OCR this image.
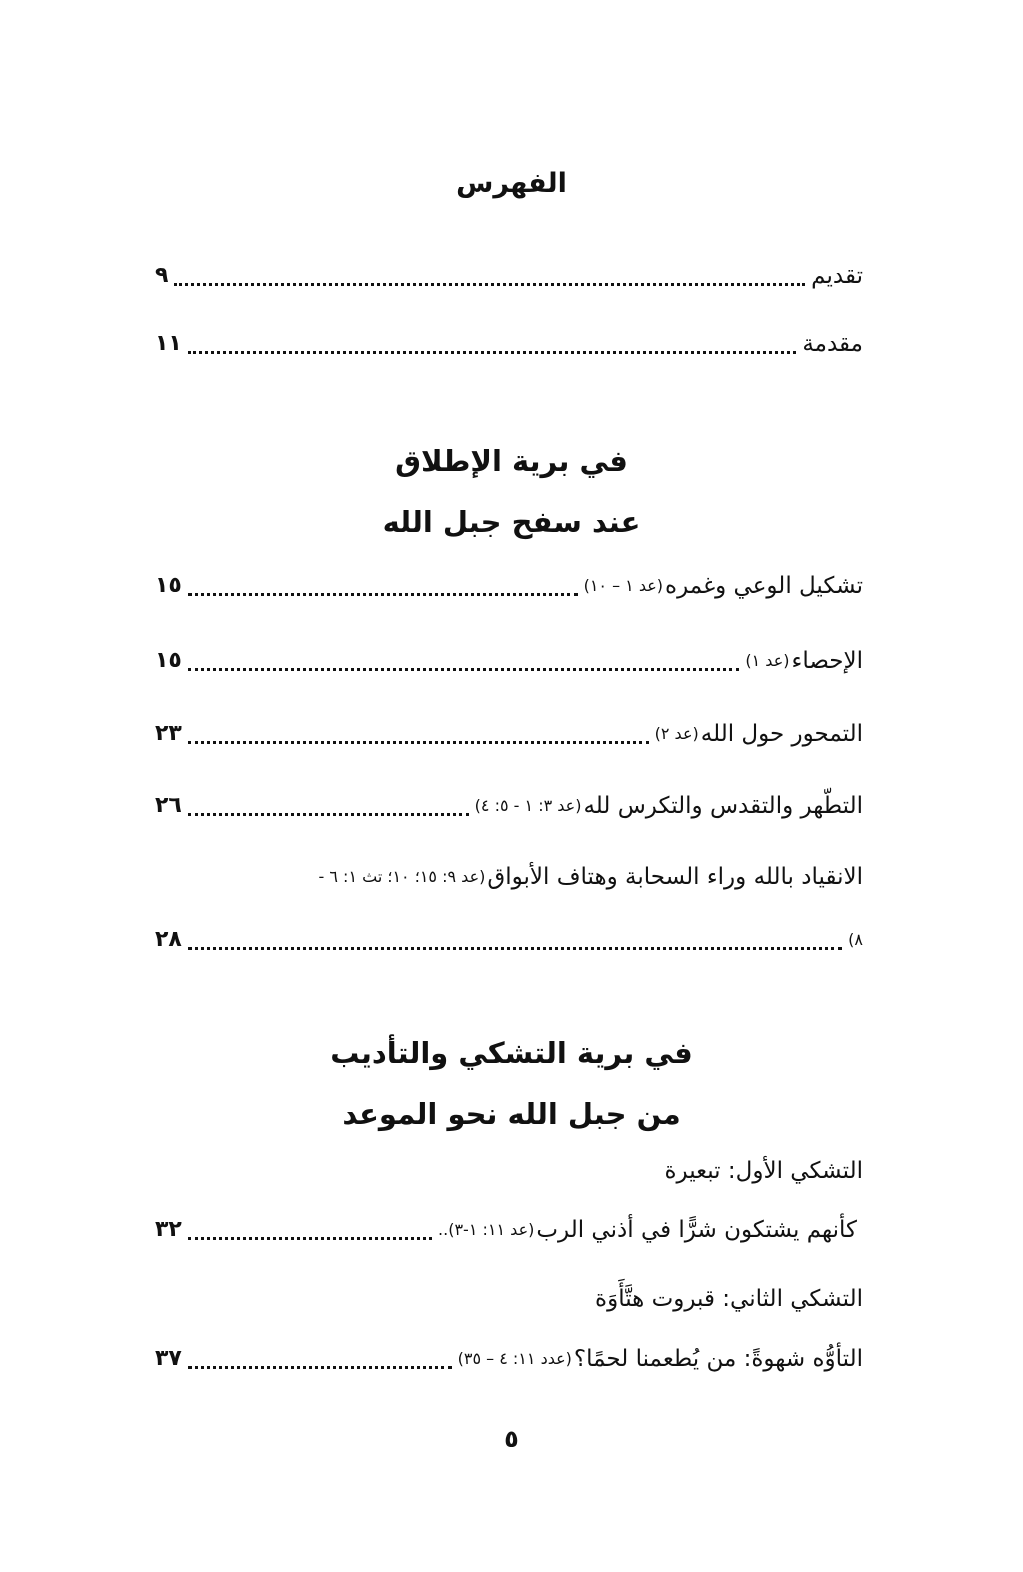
الفهرس
تقديم
٩
مقدمة
١١
في برية الإطلاق
عند سفح جبل الله
تشكيل الوعي وغمره
(عد ١ – ١٠)
١٥
الإحصاء
(عد ١)
١٥
التمحور حول الله
(عد ٢)
٢٣
التطّهر والتقدس والتكرس لله
(عد ٣: ١ - ٥: ٤)
٢٦
الانقياد بالله وراء السحابة وهتاف الأبواق
(عد ٩: ١٥؛ ١٠؛ تث ١: ٦ -
٨)
٢٨
في برية التشكي والتأديب
من جبل الله نحو الموعد
التشكي الأول: تبعيرة
كأنهم يشتكون شرًّا في أذني الرب
(عد ١١: ١-٣)..
٣٢
التشكي الثاني: قبروت هتَّأَوَة
التأوُّه شهوةً: من يُطعمنا لحمًا؟
(عدد ١١: ٤ – ٣٥)
٣٧
٥
